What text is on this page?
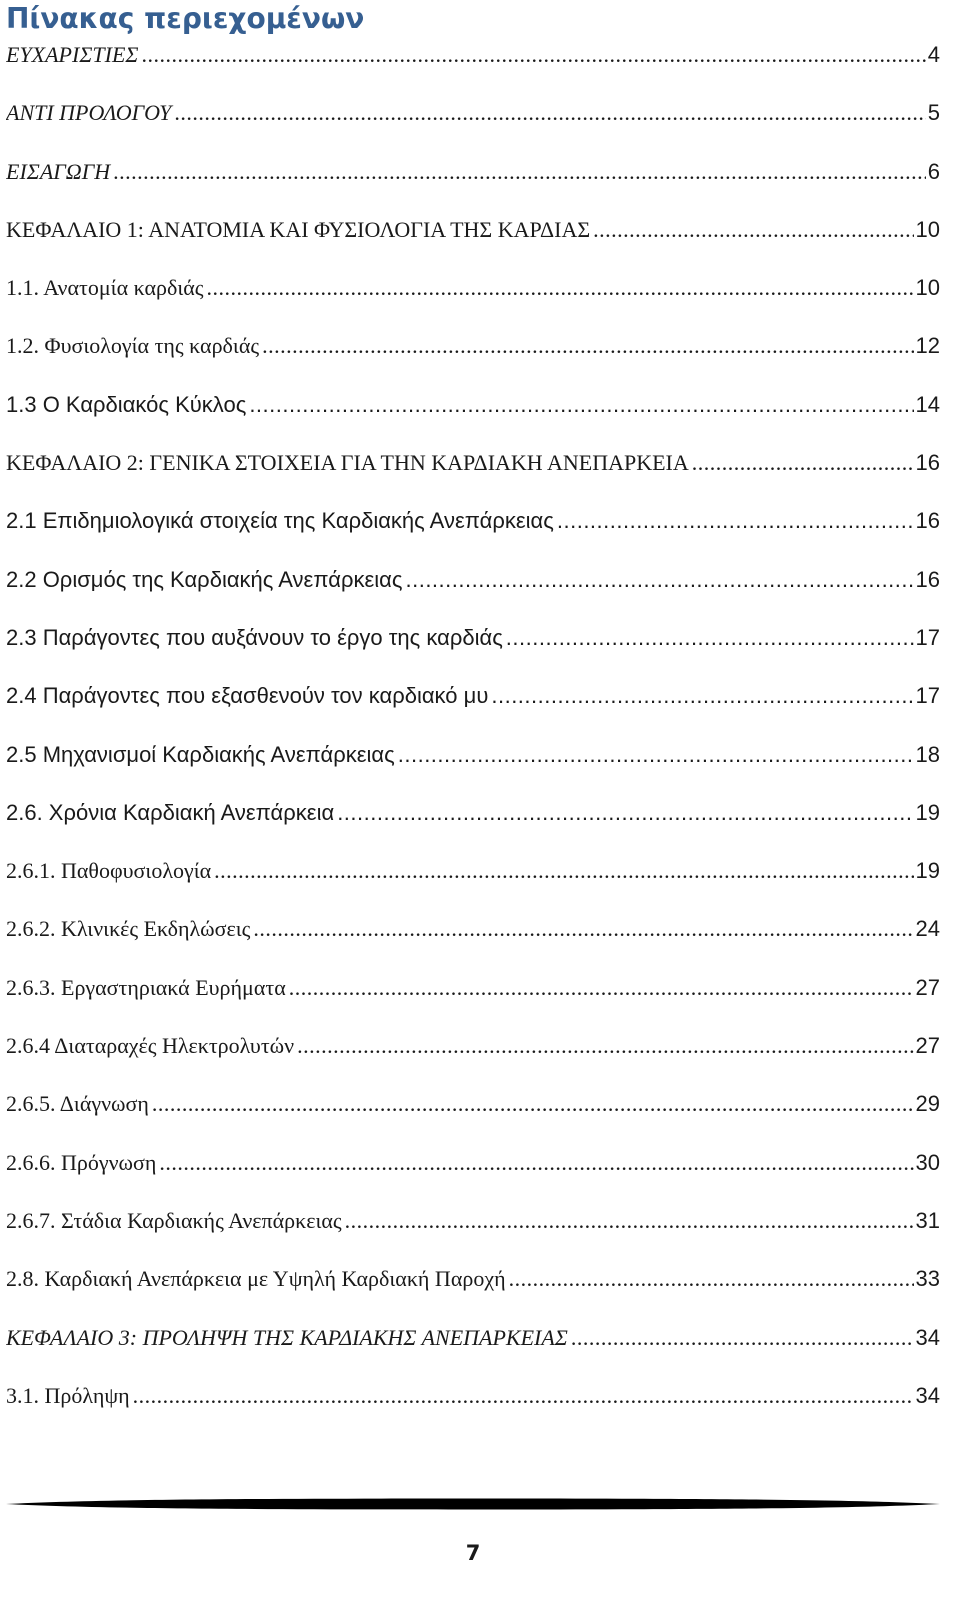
Πίνακας περιεχομένων
ΕΥΧΑΡΙΣΤΙΕΣ .....	4
ΑΝΤΙ ΠΡΟΛΟΓΟΥ .....	5
ΕΙΣΑΓΩΓΗ .....	6
ΚΕΦΑΛΑΙΟ 1: ΑΝΑΤΟΜΙΑ ΚΑΙ ΦΥΣΙΟΛΟΓΙΑ ΤΗΣ ΚΑΡΔΙΑΣ .....	10
1.1. Ανατομία καρδιάς .....	10
1.2. Φυσιολογία της καρδιάς .....	12
1.3 Ο Καρδιακός Κύκλος .....	14
ΚΕΦΑΛΑΙΟ 2: ΓΕΝΙΚΑ ΣΤΟΙΧΕΙΑ ΓΙΑ ΤΗΝ ΚΑΡΔΙΑΚΗ ΑΝΕΠΑΡΚΕΙΑ .....	16
2.1 Επιδημιολογικά στοιχεία της Καρδιακής Ανεπάρκειας .....	16
2.2 Ορισμός της Καρδιακής Ανεπάρκειας .....	16
2.3 Παράγοντες που αυξάνουν το έργο της καρδιάς .....	17
2.4 Παράγοντες που εξασθενούν τον καρδιακό μυ .....	17
2.5 Μηχανισμοί Καρδιακής Ανεπάρκειας .....	18
2.6. Χρόνια Καρδιακή Ανεπάρκεια .....	19
2.6.1. Παθοφυσιολογία .....	19
2.6.2. Κλινικές Εκδηλώσεις .....	24
2.6.3. Εργαστηριακά Ευρήματα .....	27
2.6.4 Διαταραχές Ηλεκτρολυτών .....	27
2.6.5. Διάγνωση .....	29
2.6.6. Πρόγνωση .....	30
2.6.7. Στάδια Καρδιακής Ανεπάρκειας .....	31
2.8. Καρδιακή Ανεπάρκεια με Υψηλή Καρδιακή Παροχή .....	33
ΚΕΦΑΛΑΙΟ 3: ΠΡΟΛΗΨΗ ΤΗΣ ΚΑΡΔΙΑΚΗΣ ΑΝΕΠΑΡΚΕΙΑΣ .....	34
3.1. Πρόληψη .....	34
7
